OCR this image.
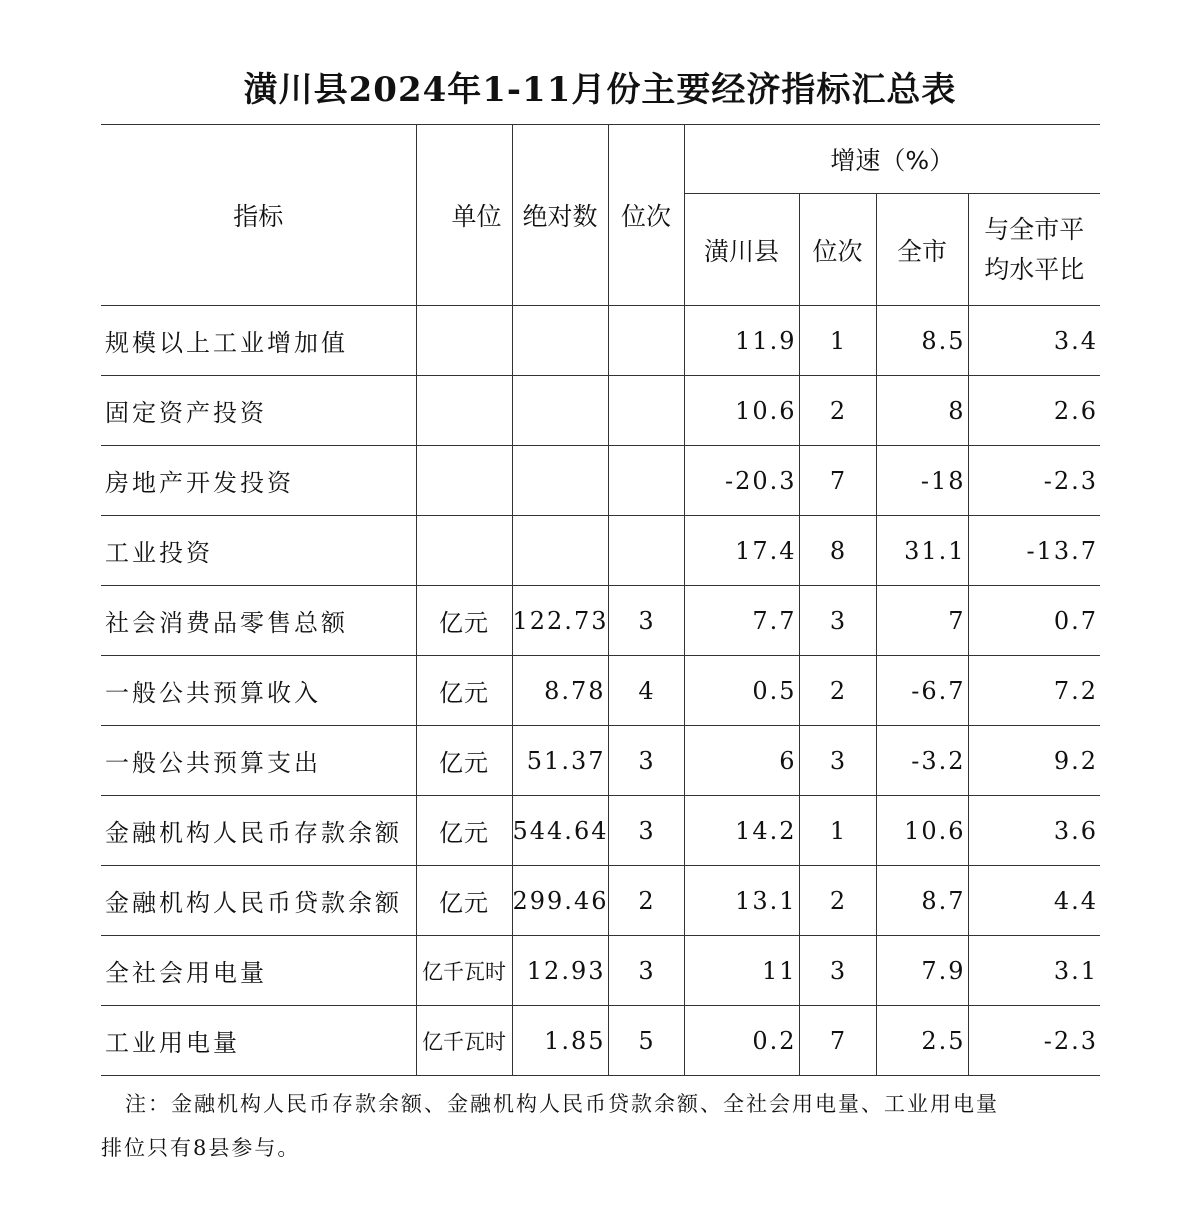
潢川县2024年1-11月份主要经济指标汇总表
指标	单位	绝对数	位次	增速（%）			
				潢川县	位次	全市	与全市平均水平比
规模以上工业增加值				11.9	1	8.5	3.4
固定资产投资				10.6	2	8	2.6
房地产开发投资				-20.3	7	-18	-2.3
工业投资				17.4	8	31.1	-13.7
社会消费品零售总额	亿元	122.73	3	7.7	3	7	0.7
一般公共预算收入	亿元	8.78	4	0.5	2	-6.7	7.2
一般公共预算支出	亿元	51.37	3	6	3	-3.2	9.2
金融机构人民币存款余额	亿元	544.64	3	14.2	1	10.6	3.6
金融机构人民币贷款余额	亿元	299.46	2	13.1	2	8.7	4.4
全社会用电量	亿千瓦时	12.93	3	11	3	7.9	3.1
工业用电量	亿千瓦时	1.85	5	0.2	7	2.5	-2.3
注：金融机构人民币存款余额、金融机构人民币贷款余额、全社会用电量、工业用电量
排位只有8县参与。
